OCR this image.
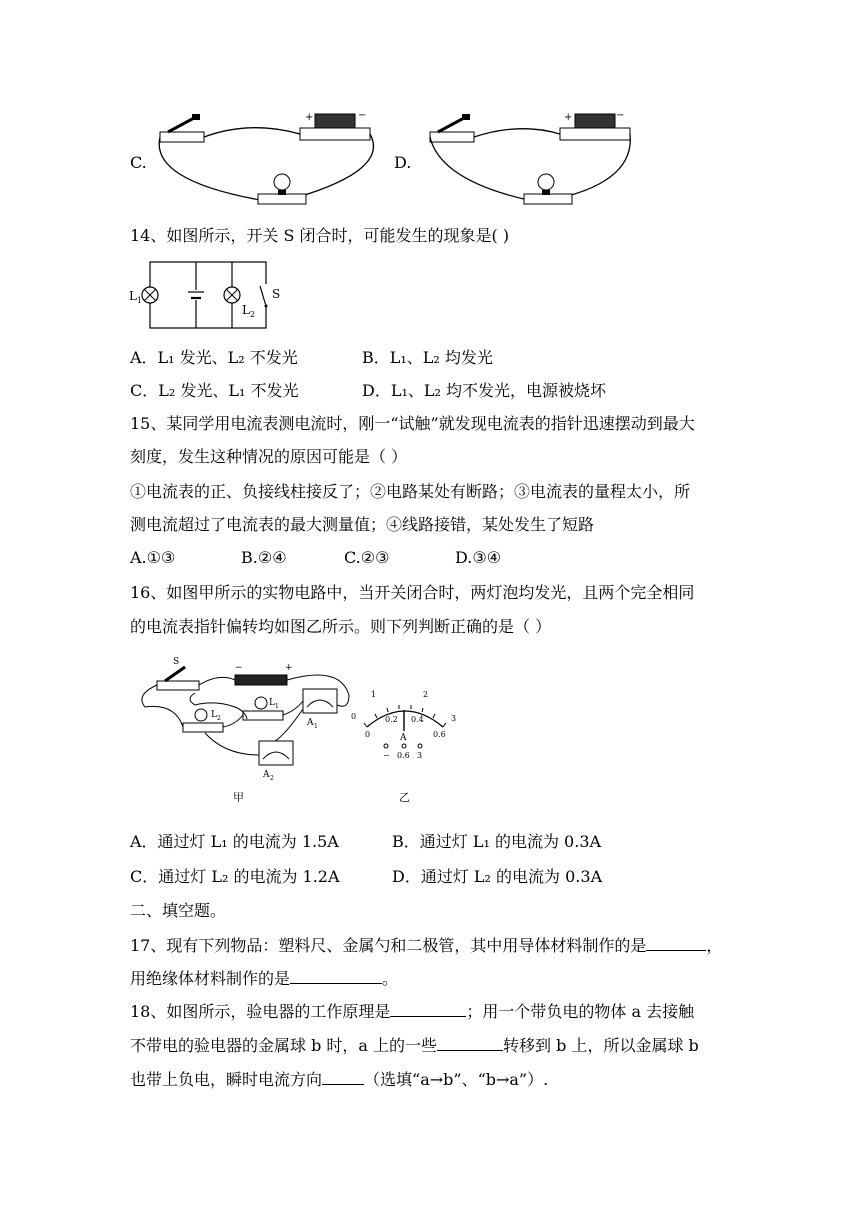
C.
+	−
D.
+	−
14、如图所示，开关 S 闭合时，可能发生的现象是( )
L 1
L 2
S
A．L₁ 发光、L₂ 不发光	B．L₁、L₂ 均发光
C．L₂ 发光、L₁ 不发光	D．L₁、L₂ 均不发光，电源被烧坏
15、某同学用电流表测电流时，刚一“试触”就发现电流表的指针迅速摆动到最大
刻度，发生这种情况的原因可能是（ ）
①电流表的正、负接线柱接反了；②电路某处有断路；③电流表的量程太小，所
测电流超过了电流表的最大测量值；④线路接错，某处发生了短路
A.①③	B.②④	C.②③	D.③④
16、如图甲所示的实物电路中，当开关闭合时，两灯泡均发光，且两个完全相同
的电流表指针偏转均如图乙所示。则下列判断正确的是（ ）
S
−	+
A 1
L 2
L 1
A 2
甲
0
1	2
3
0
0.2 0.4
0.6
A
− 0.6 3
乙
A．通过灯 L₁ 的电流为 1.5A	B．通过灯 L₁ 的电流为 0.3A
C．通过灯 L₂ 的电流为 1.2A	D．通过灯 L₂ 的电流为 0.3A
二、填空题。
17、现有下列物品：塑料尺、金属勺和二极管，其中用导体材料制作的是	，
用绝缘体材料制作的是	。
18、如图所示，验电器的工作原理是	；用一个带负电的物体 a 去接触
不带电的验电器的金属球 b 时，a 上的一些	转移到 b 上，所以金属球 b
也带上负电，瞬时电流方向	（选填“a→b”、“b→a”）.
